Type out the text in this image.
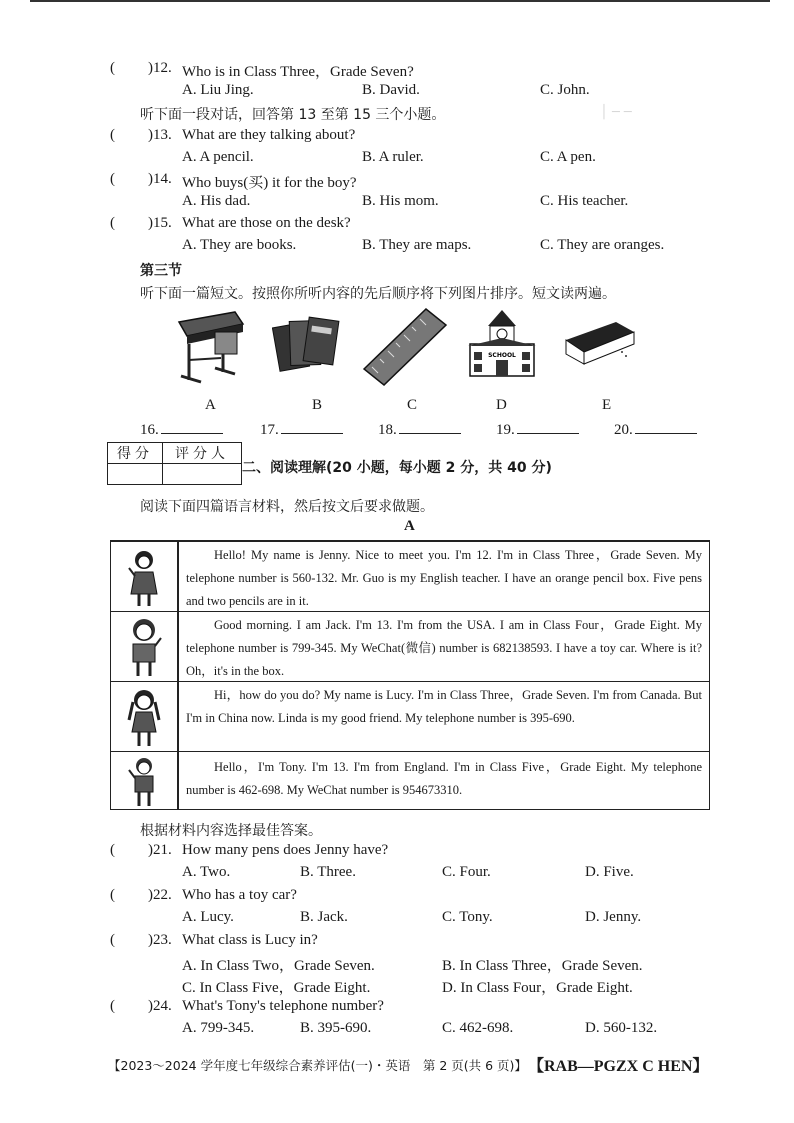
│ ─ ─
( )12. Who is in Class Three，Grade Seven?
A. Liu Jing.	B. David.	C. John.
听下面一段对话，回答第 13 至第 15 三个小题。
( )13. What are they talking about?
A. A pencil.	B. A ruler.	C. A pen.
( )14. Who buys(买) it for the boy?
A. His dad.	B. His mom.	C. His teacher.
( )15. What are those on the desk?
A. They are books.	B. They are maps.	C. They are oranges.
第三节
听下面一篇短文。按照你所听内容的先后顺序将下列图片排序。短文读两遍。
SCHOOL
A	B	C	D	E
16.	17.	18.	19.	20.
得分	评分人

二、阅读理解(20 小题，每小题 2 分，共 40 分)
阅读下面四篇语言材料，然后按文后要求做题。
A
Hello! My name is Jenny. Nice to meet you. I'm 12. I'm in Class Three，Grade Seven. My telephone number is 560-132. Mr. Guo is my English teacher. I have an orange pencil box. Five pens and two pencils are in it.
Good morning. I am Jack. I'm 13. I'm from the USA. I am in Class Four，Grade Eight. My telephone number is 799-345. My WeChat(微信) number is 682138593. I have a toy car. Where is it? Oh，it's in the box.
Hi，how do you do? My name is Lucy. I'm in Class Three，Grade Seven. I'm from Canada. But I'm in China now. Linda is my good friend. My telephone number is 395-690.
Hello，I'm Tony. I'm 13. I'm from England. I'm in Class Five，Grade Eight. My telephone number is 462-698. My WeChat number is 954673310.
根据材料内容选择最佳答案。
( )21. How many pens does Jenny have?
A. Two.	B. Three.	C. Four.	D. Five.
( )22. Who has a toy car?
A. Lucy.	B. Jack.	C. Tony.	D. Jenny.
( )23. What class is Lucy in?
A. In Class Two，Grade Seven.	B. In Class Three，Grade Seven.
C. In Class Five，Grade Eight.	D. In Class Four，Grade Eight.
( )24. What's Tony's telephone number?
A. 799-345.	B. 395-690.	C. 462-698.	D. 560-132.
【2023～2024 学年度七年级综合素养评估(一)・英语　第 2 页(共 6 页)】 【RAB—PGZX C HEN】
